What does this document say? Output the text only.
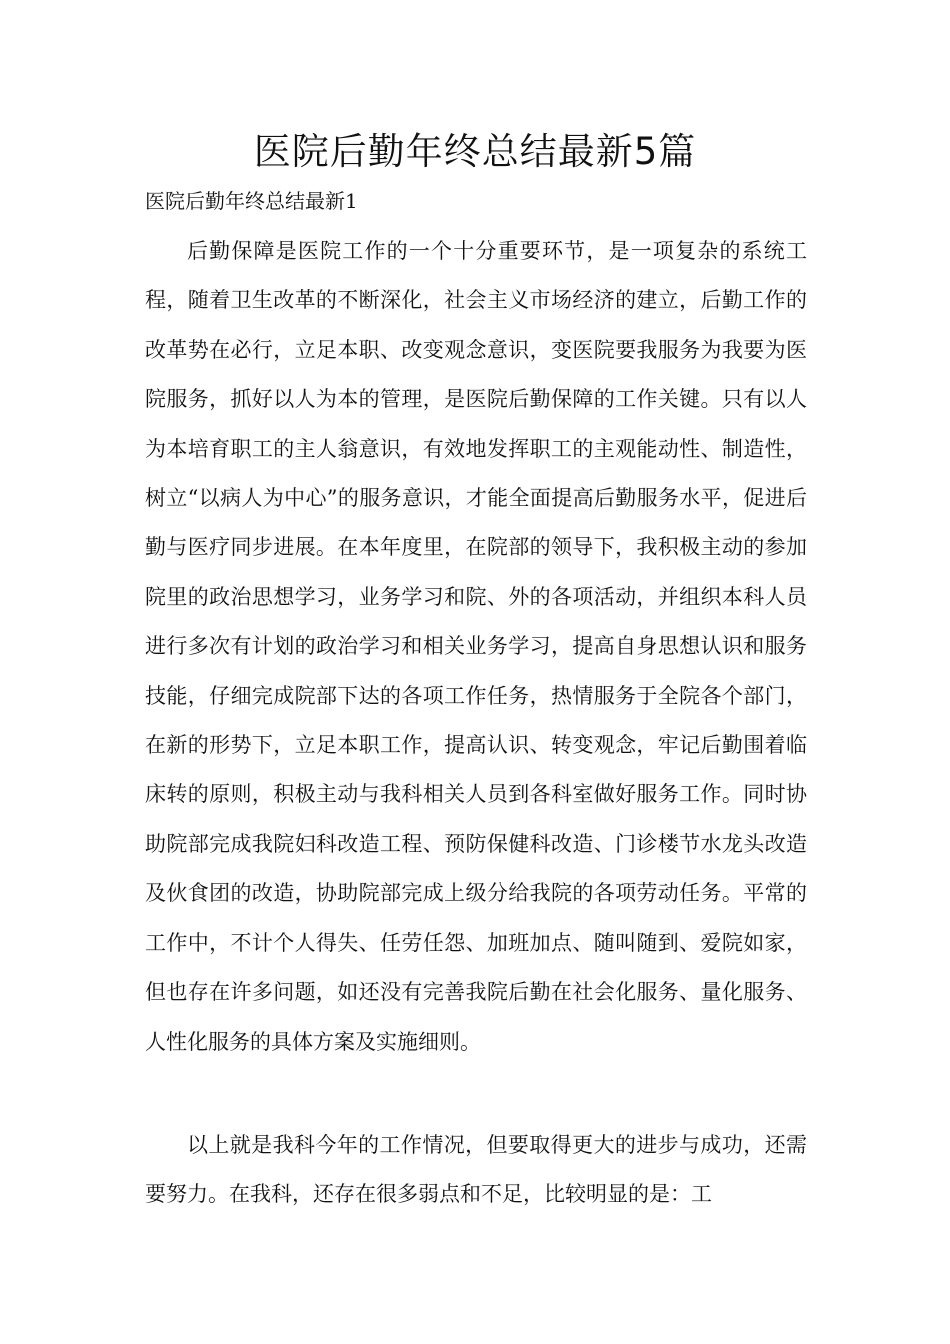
医院后勤年终总结最新5篇
医院后勤年终总结最新1

后勤保障是医院工作的一个十分重要环节，是一项复杂的系统工程，随着卫生改革的不断深化，社会主义市场经济的建立，后勤工作的改革势在必行，立足本职、改变观念意识，变医院要我服务为我要为医院服务，抓好以人为本的管理，是医院后勤保障的工作关键。只有以人为本培育职工的主人翁意识，有效地发挥职工的主观能动性、制造性，树立“以病人为中心”的服务意识，才能全面提高后勤服务水平，促进后勤与医疗同步进展。在本年度里，在院部的领导下，我积极主动的参加院里的政治思想学习，业务学习和院、外的各项活动，并组织本科人员进行多次有计划的政治学习和相关业务学习，提高自身思想认识和服务技能，仔细完成院部下达的各项工作任务，热情服务于全院各个部门，在新的形势下，立足本职工作，提高认识、转变观念，牢记后勤围着临床转的原则，积极主动与我科相关人员到各科室做好服务工作。同时协助院部完成我院妇科改造工程、预防保健科改造、门诊楼节水龙头改造及伙食团的改造，协助院部完成上级分给我院的各项劳动任务。平常的工作中，不计个人得失、任劳任怨、加班加点、随叫随到、爱院如家，但也存在许多问题，如还没有完善我院后勤在社会化服务、量化服务、人性化服务的具体方案及实施细则。

以上就是我科今年的工作情况，但要取得更大的进步与成功，还需要努力。在我科，还存在很多弱点和不足，比较明显的是：工
